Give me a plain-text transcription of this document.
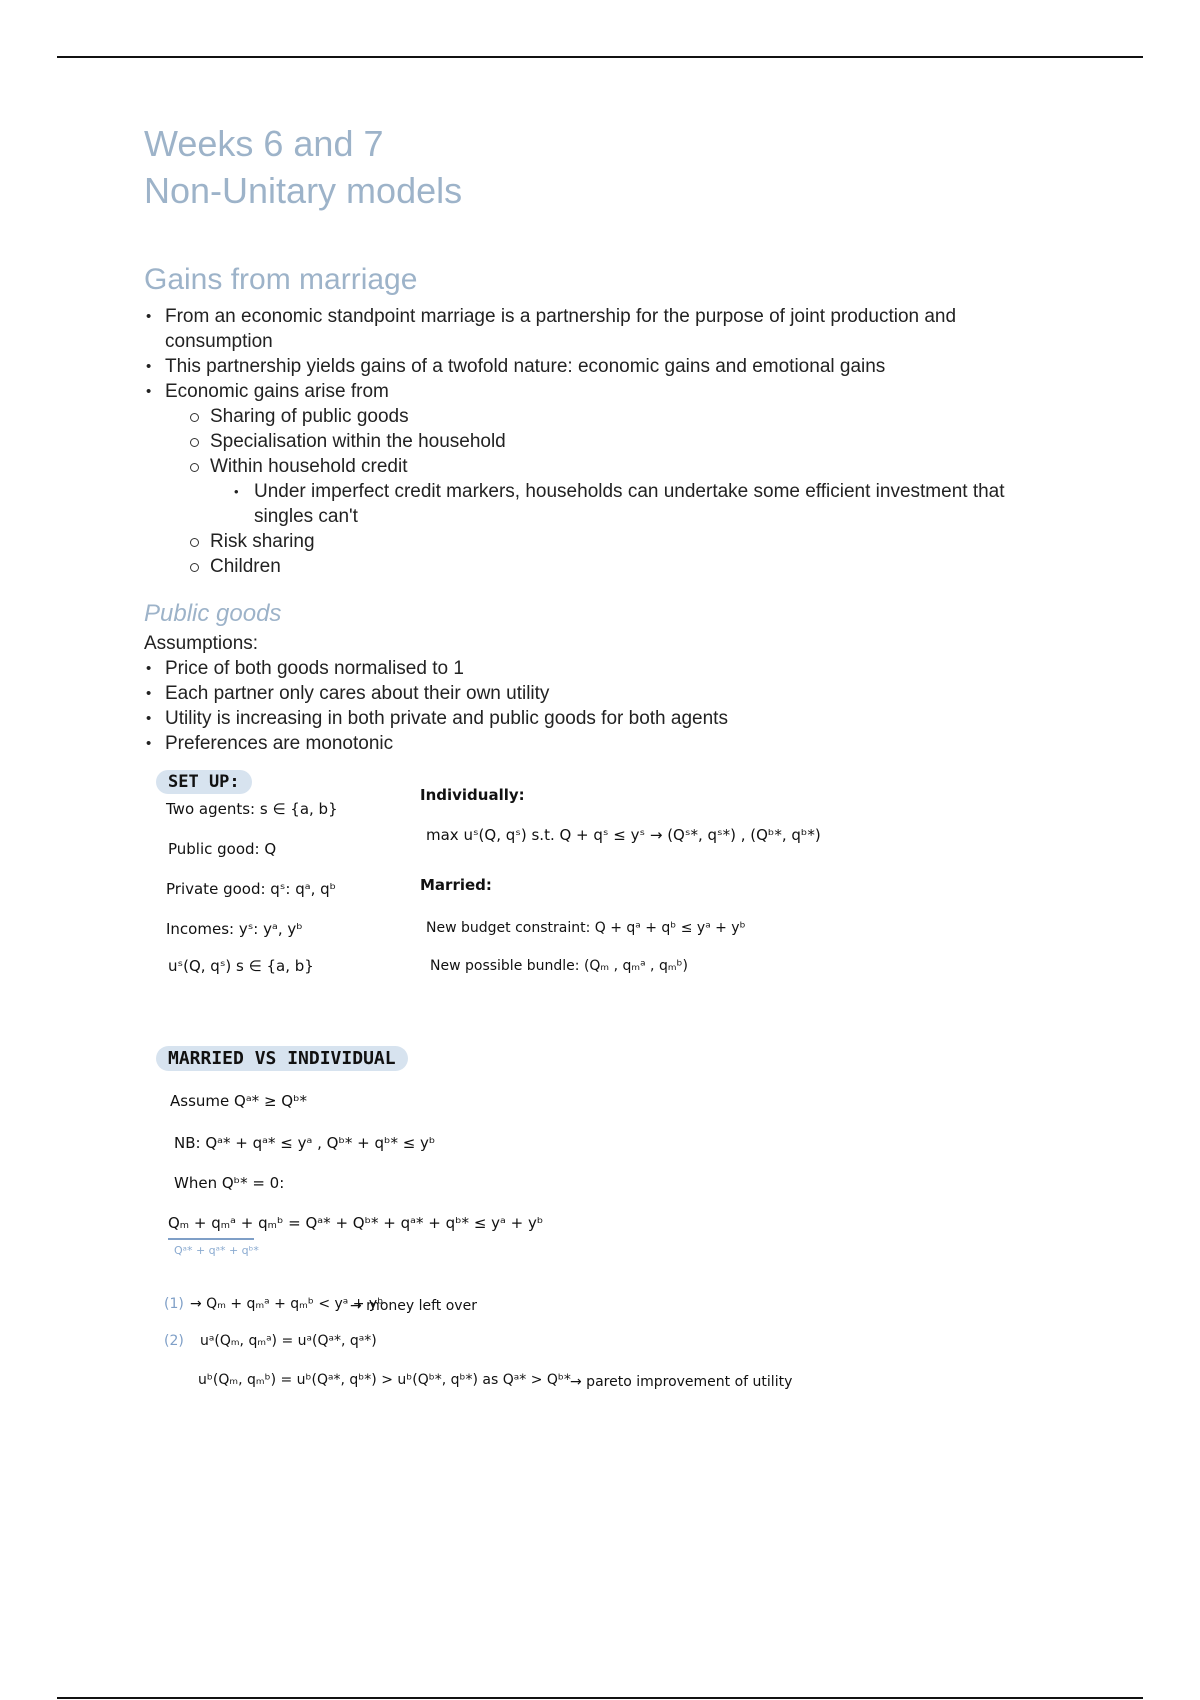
Weeks 6 and 7
Non-Unitary models
Gains from marriage
• From an economic standpoint marriage is a partnership for the purpose of joint production and consumption
• This partnership yields gains of a twofold nature: economic gains and emotional gains
• Economic gains arise from
Sharing of public goods
Specialisation within the household
Within household credit
• Under imperfect credit markers, households can undertake some efficient investment that singles can't
Risk sharing
Children
Public goods

Assumptions:

• Price of both goods normalised to 1
• Each partner only cares about their own utility
• Utility is increasing in both private and public goods for both agents
• Preferences are monotonic
SET UP:
Two agents: s ∈ {a, b}
Public good: Q
Private good: qˢ: qᵃ, qᵇ
Incomes: yˢ: yᵃ, yᵇ
uˢ(Q, qˢ) s ∈ {a, b}
Individually:
max uˢ(Q, qˢ) s.t. Q + qˢ ≤ yˢ → (Qˢ*, qˢ*) , (Qᵇ*, qᵇ*)
Married:
New budget constraint: Q + qᵃ + qᵇ ≤ yᵃ + yᵇ
New possible bundle: (Qₘ , qₘᵃ , qₘᵇ)
MARRIED VS INDIVIDUAL
Assume Qᵃ* ≥ Qᵇ*
NB: Qᵃ* + qᵃ* ≤ yᵃ , Qᵇ* + qᵇ* ≤ yᵇ
When Qᵇ* = 0:
Qₘ + qₘᵃ + qₘᵇ = Qᵃ* + Qᵇ* + qᵃ* + qᵇ* ≤ yᵃ + yᵇ
Qᵃ* + qᵃ* + qᵇ*
(1) → Qₘ + qₘᵃ + qₘᵇ < yᵃ + yᵇ
→ money left over
(2) uᵃ(Qₘ, qₘᵃ) = uᵃ(Qᵃ*, qᵃ*)
uᵇ(Qₘ, qₘᵇ) = uᵇ(Qᵃ*, qᵇ*) > uᵇ(Qᵇ*, qᵇ*) as Qᵃ* > Qᵇ* → pareto improvement of utility
